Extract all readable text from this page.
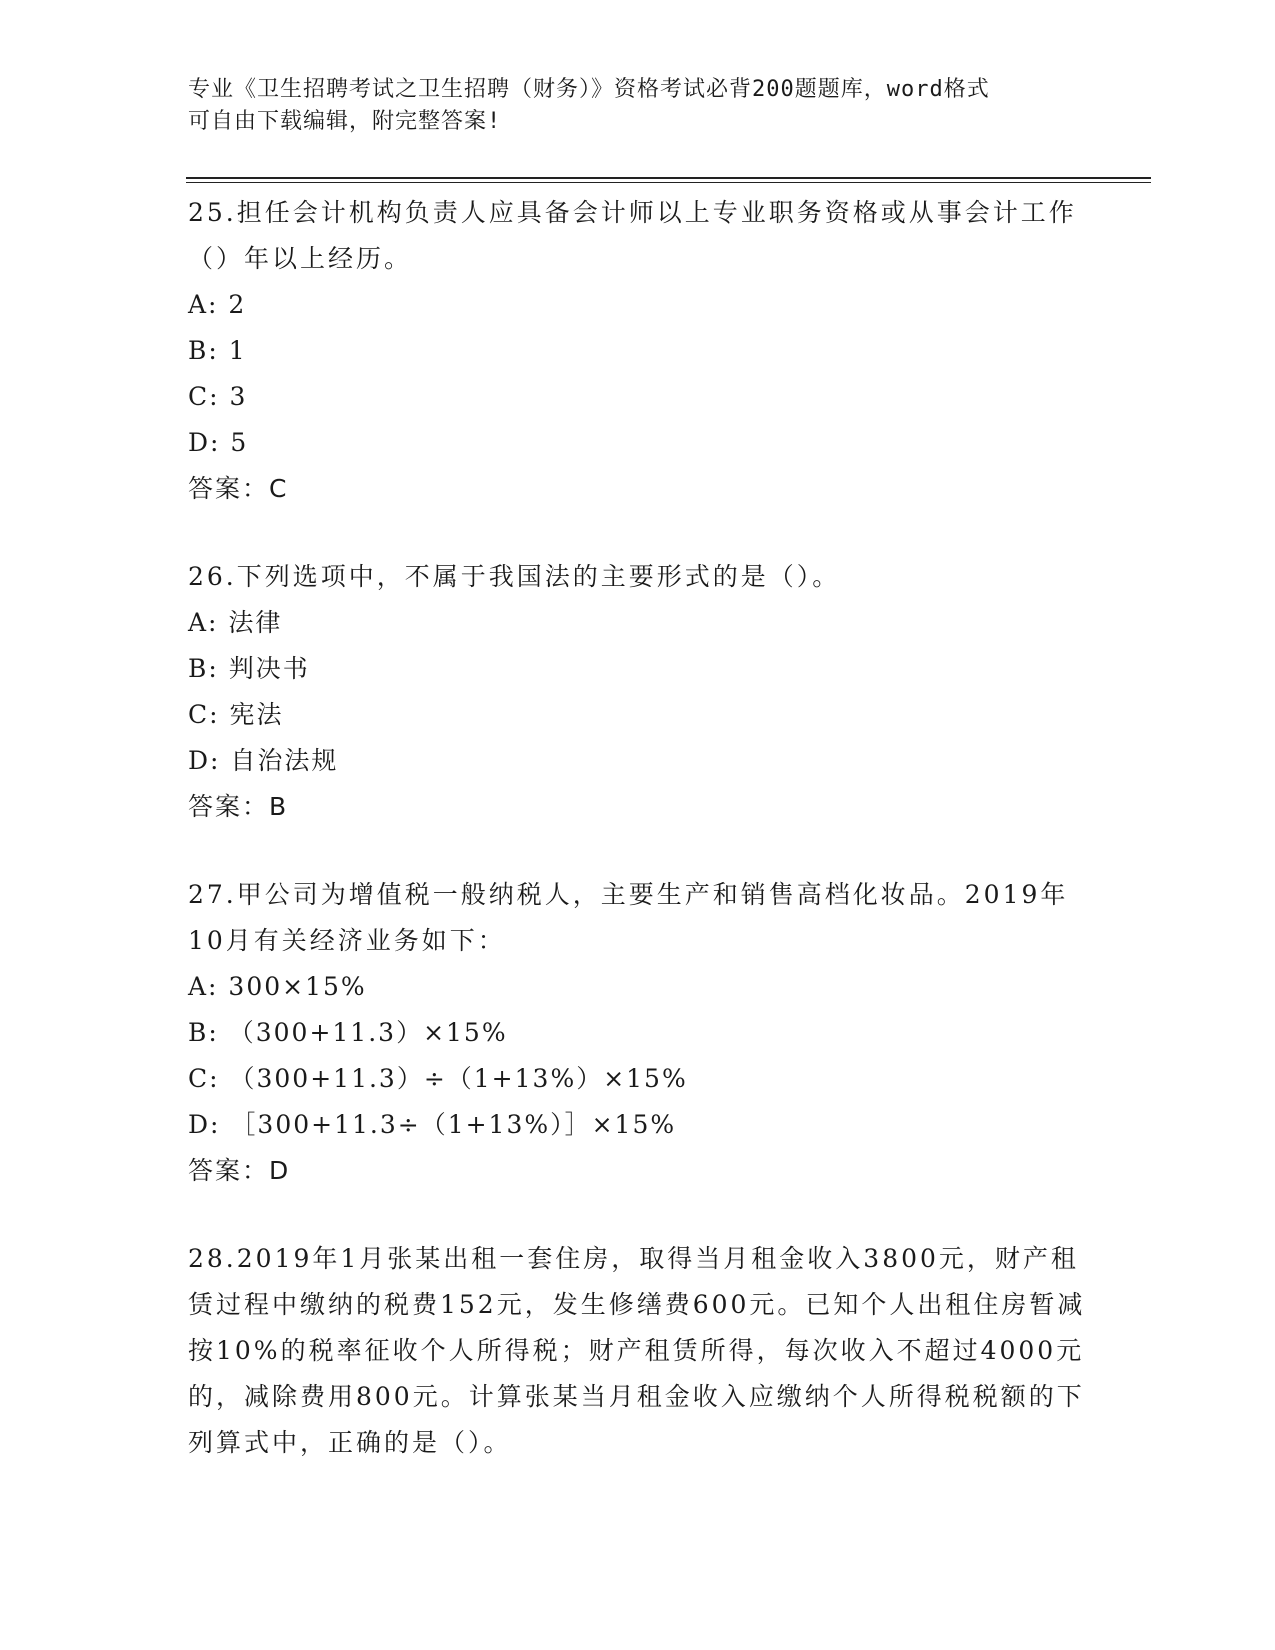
专业《卫生招聘考试之卫生招聘（财务）》资格考试必背200题题库，word格式
可自由下载编辑，附完整答案!

25.担任会计机构负责人应具备会计师以上专业职务资格或从事会计工作（）年以上经历。

A: 2

B: 1

C: 3

D: 5

答案：C

26.下列选项中，不属于我国法的主要形式的是（）。

A: 法律

B: 判决书

C: 宪法

D: 自治法规

答案：B

27.甲公司为增值税一般纳税人，主要生产和销售高档化妆品。2019年10月有关经济业务如下：

A: 300×15%

B: （300+11.3）×15%

C: （300+11.3）÷（1+13%）×15%

D: ［300+11.3÷（1+13%）］×15%

答案：D

28.2019年1月张某出租一套住房，取得当月租金收入3800元，财产租赁过程中缴纳的税费152元，发生修缮费600元。已知个人出租住房暂减按10%的税率征收个人所得税；财产租赁所得，每次收入不超过4000元的，减除费用800元。计算张某当月租金收入应缴纳个人所得税税额的下列算式中，正确的是（）。
